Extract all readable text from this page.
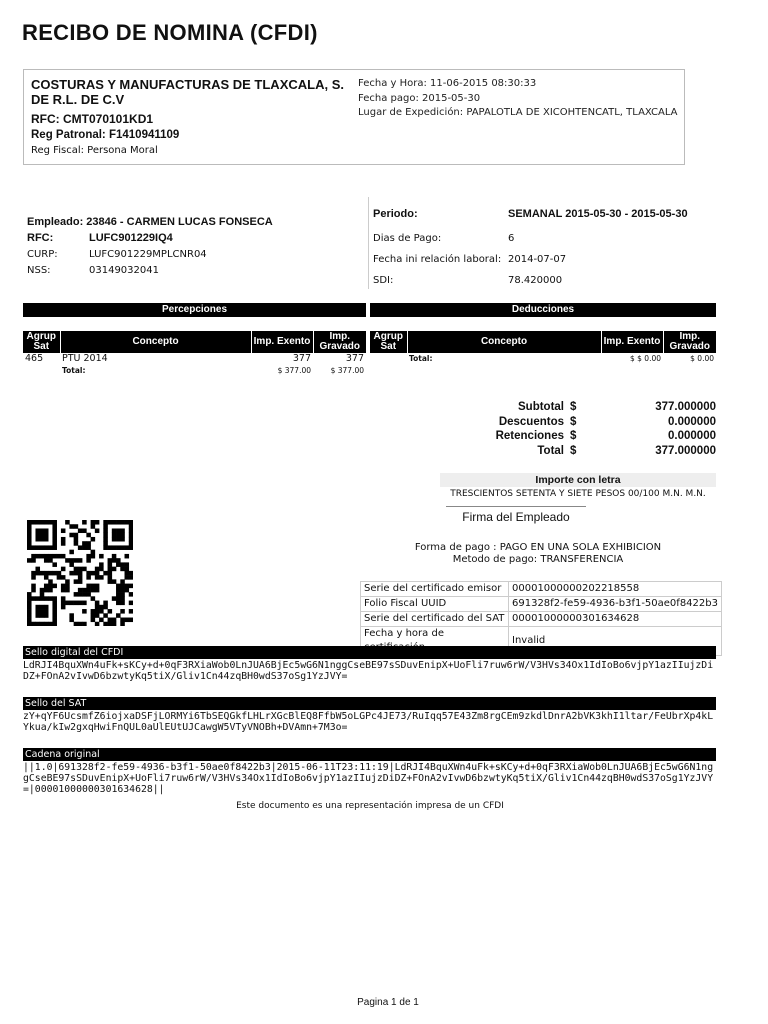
RECIBO DE NOMINA (CFDI)
COSTURAS Y MANUFACTURAS DE TLAXCALA, S. DE R.L. DE C.V
RFC: CMT070101KD1
Reg Patronal: F1410941109
Reg Fiscal: Persona Moral
Fecha y Hora: 11-06-2015 08:30:33
Fecha pago: 2015-05-30
Lugar de Expedición: PAPALOTLA DE XICOHTENCATL, TLAXCALA
Empleado: 23846 - CARMEN LUCAS FONSECA
RFC:	LUFC901229IQ4
CURP:	LUFC901229MPLCNR04
NSS:	03149032041
Periodo:	SEMANAL 2015-05-30 - 2015-05-30
Dias de Pago:	6
Fecha ini relación laboral: 2014-07-07
SDI:	78.420000
Percepciones	Deducciones
Agrup Sat	Concepto	Imp. Exento	Imp. Gravado
465	PTU 2014	377	377
	Total:	$ 377.00	$ 377.00
Agrup Sat	Concepto	Imp. Exento	Imp. Gravado
	Total:	$ $ 0.00	$ 0.00
Subtotal $	377.000000
Descuentos $	0.000000
Retenciones $	0.000000
Total $	377.000000
Importe con letra
TRESCIENTOS SETENTA Y SIETE PESOS 00/100 M.N. M.N.
Firma del Empleado
Forma de pago : PAGO EN UNA SOLA EXHIBICION
Metodo de pago: TRANSFERENCIA
Serie del certificado emisor	00001000000202218558
Folio Fiscal UUID	691328f2-fe59-4936-b3f1-50ae0f8422b3
Serie del certificado del SAT	00001000000301634628
Fecha y hora de	Invalid
Sello digital del CFDI
LdRJI4BquXWn4uFk+sKCy+d+0qF3RXiaWob0LnJUA6BjEc5wG6N1nggCseBE97sSDuvEnipX+UoFli7ruw6rW/V3HVs34Ox1IdIoBo6vjpY1azIIujzDiDZ+FOnA2vIvwD6bzwtyKq5tiX/Gliv1Cn44zqBH0wdS37oSg1YzJVY=
Sello del SAT
zY+qYF6UcsmfZ6iojxaDSFjLORMYi6TbSEQGkfLHLrXGcBlEQ8FfbW5oLGPc4JE73/RuIqq57E43Zm8rgCEm9zkdlDnrA2bVK3khI1ltar/FeUbrXp4kLYkua/kIw2gxqHwiFnQUL0aUlEUtUJCawgW5VTyVNOBh+DVAmn+7M3o=
Cadena original
||1.0|691328f2-fe59-4936-b3f1-50ae0f8422b3|2015-06-11T23:11:19|LdRJI4BquXWn4uFk+sKCy+d+0qF3RXiaWob0LnJUA6BjEc5wG6N1nggCseBE97sSDuvEnipX+UoFli7ruw6rW/V3HVs34Ox1IdIoBo6vjpY1azIIujzDiDZ+FOnA2vIvwD6bzwtyKq5tiX/Gliv1Cn44zqBH0wdS37oSg1YzJVY=|00001000000301634628||
Este documento es una representación impresa de un CFDI
Pagina 1 de 1
